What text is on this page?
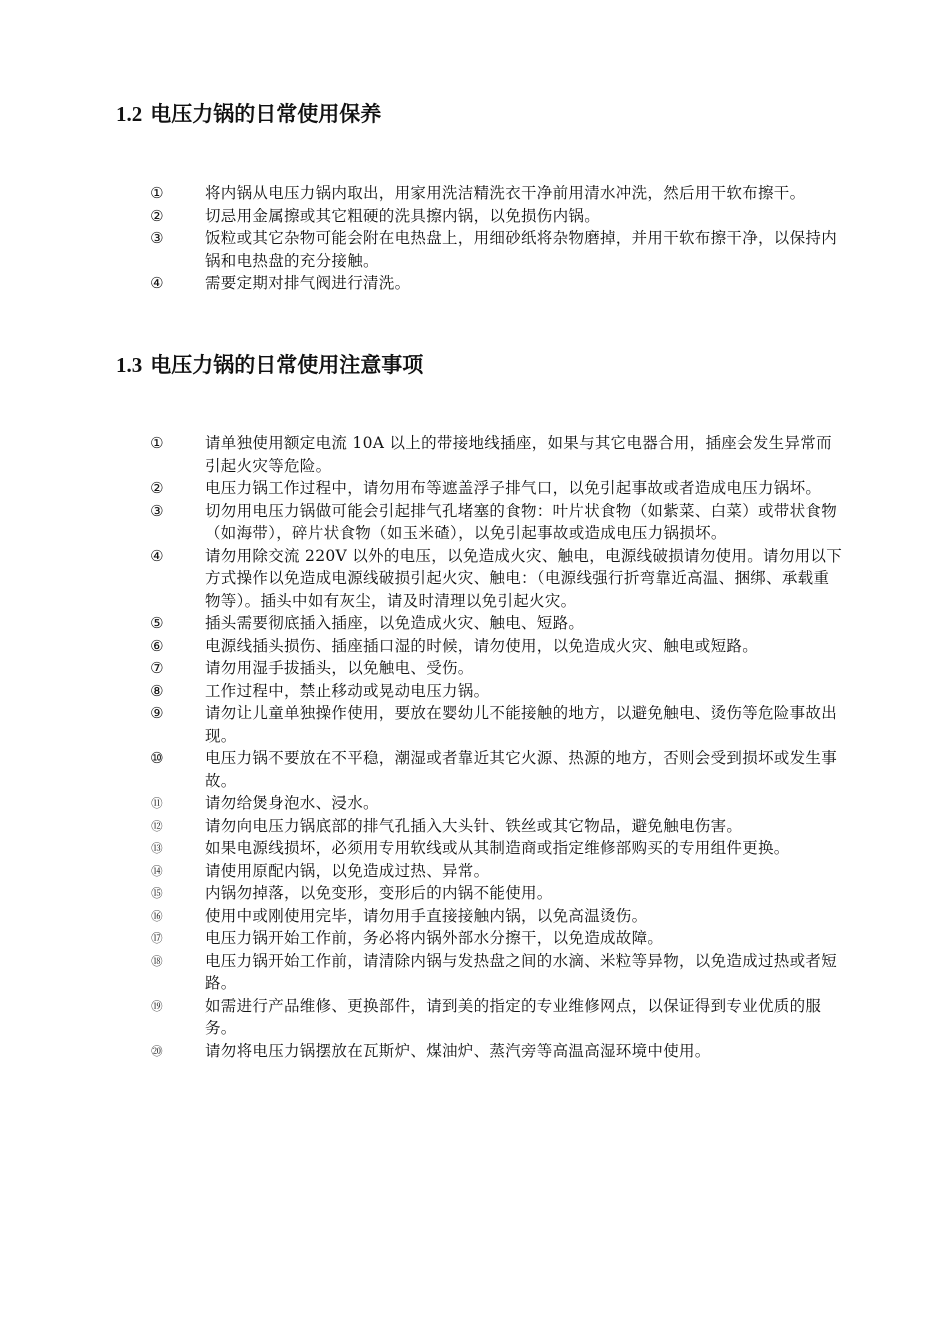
1.2 电压力锅的日常使用保养
①	将内锅从电压力锅内取出，用家用洗洁精洗衣干净前用清水冲洗，然后用干软布擦干。
②	切忌用金属擦或其它粗硬的洗具擦内锅，以免损伤内锅。
③	饭粒或其它杂物可能会附在电热盘上，用细砂纸将杂物磨掉，并用干软布擦干净，以保持内锅和电热盘的充分接触。
④	需要定期对排气阀进行清洗。
1.3 电压力锅的日常使用注意事项
①	请单独使用额定电流 10A 以上的带接地线插座，如果与其它电器合用，插座会发生异常而引起火灾等危险。
②	电压力锅工作过程中，请勿用布等遮盖浮子排气口，以免引起事故或者造成电压力锅坏。
③	切勿用电压力锅做可能会引起排气孔堵塞的食物：叶片状食物（如紫菜、白菜）或带状食物（如海带），碎片状食物（如玉米碴），以免引起事故或造成电压力锅损坏。
④	请勿用除交流 220V 以外的电压，以免造成火灾、触电，电源线破损请勿使用。请勿用以下方式操作以免造成电源线破损引起火灾、触电：（电源线强行折弯靠近高温、捆绑、承载重物等）。插头中如有灰尘，请及时清理以免引起火灾。
⑤	插头需要彻底插入插座，以免造成火灾、触电、短路。
⑥	电源线插头损伤、插座插口湿的时候，请勿使用，以免造成火灾、触电或短路。
⑦	请勿用湿手拔插头，以免触电、受伤。
⑧	工作过程中，禁止移动或晃动电压力锅。
⑨	请勿让儿童单独操作使用，要放在婴幼儿不能接触的地方，以避免触电、烫伤等危险事故出现。
⑩	电压力锅不要放在不平稳，潮湿或者靠近其它火源、热源的地方，否则会受到损坏或发生事故。
⑪	请勿给煲身泡水、浸水。
⑫	请勿向电压力锅底部的排气孔插入大头针、铁丝或其它物品，避免触电伤害。
⑬	如果电源线损坏，必须用专用软线或从其制造商或指定维修部购买的专用组件更换。
⑭	请使用原配内锅，以免造成过热、异常。
⑮	内锅勿掉落，以免变形，变形后的内锅不能使用。
⑯	使用中或刚使用完毕，请勿用手直接接触内锅，以免高温烫伤。
⑰	电压力锅开始工作前，务必将内锅外部水分擦干，以免造成故障。
⑱	电压力锅开始工作前，请清除内锅与发热盘之间的水滴、米粒等异物，以免造成过热或者短路。
⑲	如需进行产品维修、更换部件，请到美的指定的专业维修网点，以保证得到专业优质的服务。
⑳	请勿将电压力锅摆放在瓦斯炉、煤油炉、蒸汽旁等高温高湿环境中使用。
